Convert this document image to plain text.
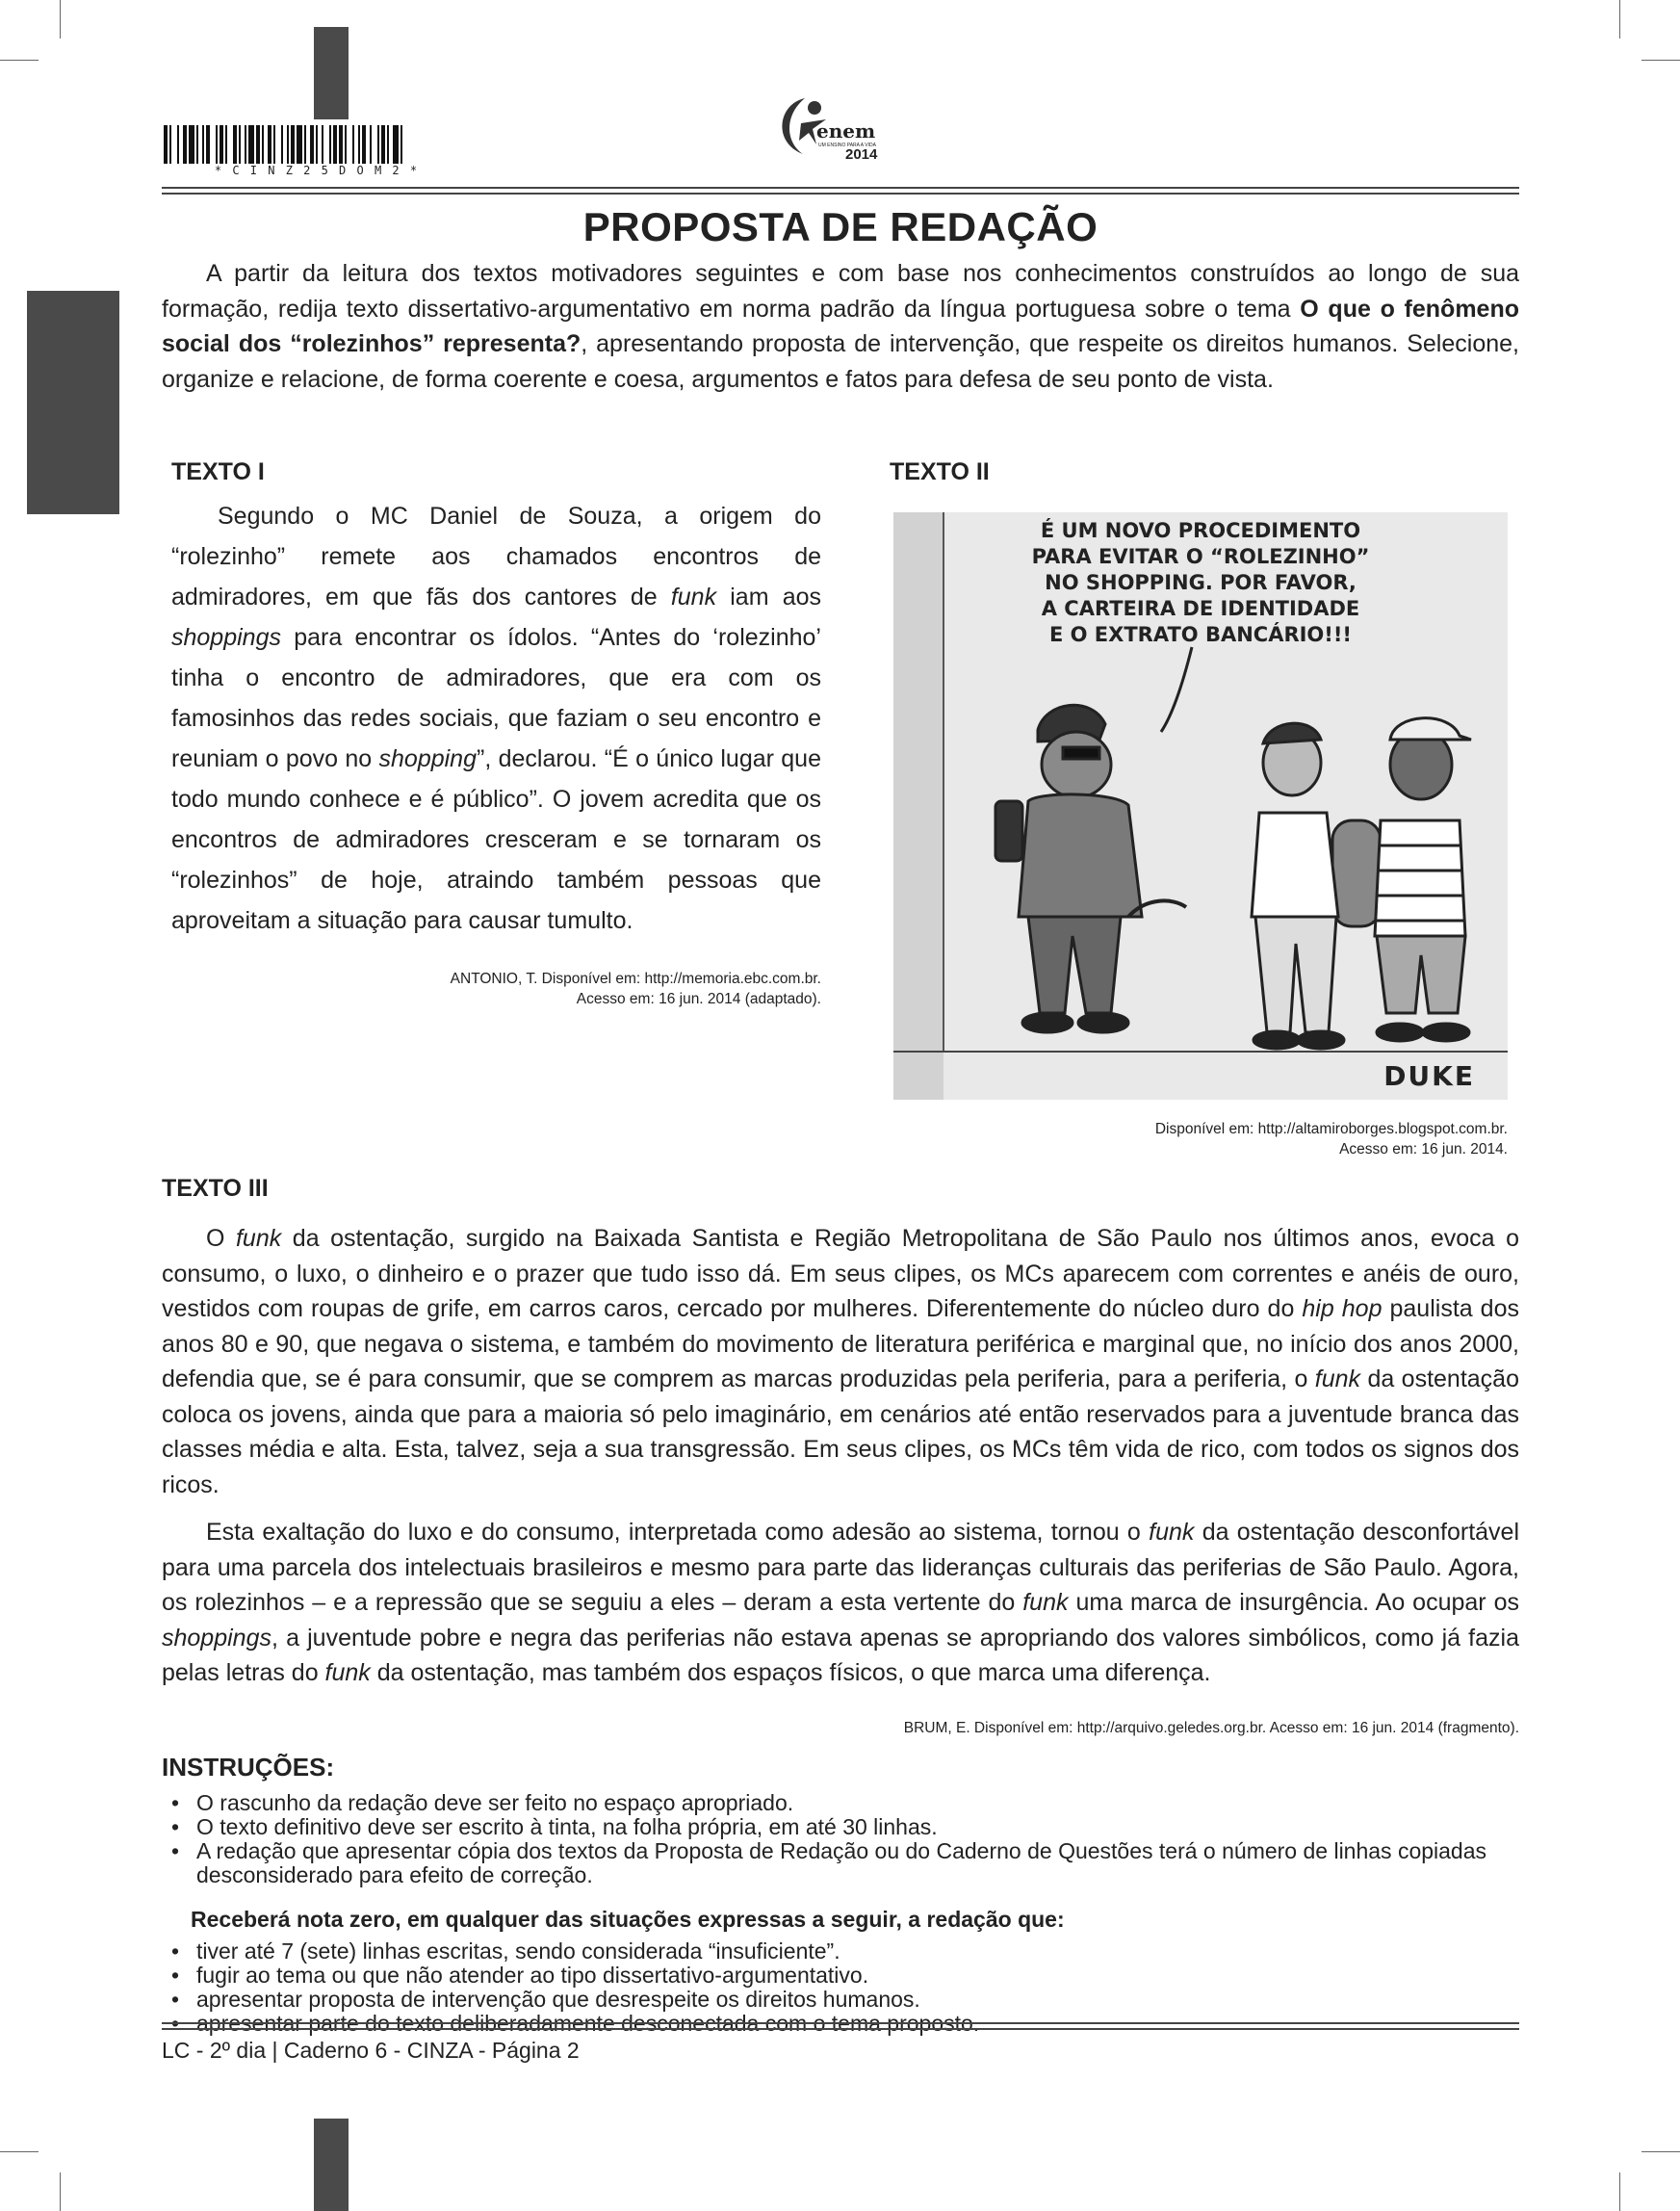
* C I N Z 2 5 D O M 2 *
enem
UM ENSINO PARA A VIDA
2014
PROPOSTA DE REDAÇÃO

A partir da leitura dos textos motivadores seguintes e com base nos conhecimentos construídos ao longo de sua formação, redija texto dissertativo-argumentativo em norma padrão da língua portuguesa sobre o tema O que o fenômeno social dos “rolezinhos” representa?, apresentando proposta de intervenção, que respeite os direitos humanos. Selecione, organize e relacione, de forma coerente e coesa, argumentos e fatos para defesa de seu ponto de vista.

TEXTO I

Segundo o MC Daniel de Souza, a origem do “rolezinho” remete aos chamados encontros de admiradores, em que fãs dos cantores de funk iam aos shoppings para encontrar os ídolos. “Antes do ‘rolezinho’ tinha o encontro de admiradores, que era com os famosinhos das redes sociais, que faziam o seu encontro e reuniam o povo no shopping”, declarou. “É o único lugar que todo mundo conhece e é público”. O jovem acredita que os encontros de admiradores cresceram e se tornaram os “rolezinhos” de hoje, atraindo também pessoas que aproveitam a situação para causar tumulto.

ANTONIO, T. Disponível em: http://memoria.ebc.com.br.
Acesso em: 16 jun. 2014 (adaptado).
TEXTO II
É UM NOVO PROCEDIMENTO
PARA EVITAR O “ROLEZINHO”
NO SHOPPING. POR FAVOR,
A CARTEIRA DE IDENTIDADE
E O EXTRATO BANCÁRIO!!!
DUKE
Disponível em: http://altamiroborges.blogspot.com.br.
Acesso em: 16 jun. 2014.
TEXTO III

O funk da ostentação, surgido na Baixada Santista e Região Metropolitana de São Paulo nos últimos anos, evoca o consumo, o luxo, o dinheiro e o prazer que tudo isso dá. Em seus clipes, os MCs aparecem com correntes e anéis de ouro, vestidos com roupas de grife, em carros caros, cercado por mulheres. Diferentemente do núcleo duro do hip hop paulista dos anos 80 e 90, que negava o sistema, e também do movimento de literatura periférica e marginal que, no início dos anos 2000, defendia que, se é para consumir, que se comprem as marcas produzidas pela periferia, para a periferia, o funk da ostentação coloca os jovens, ainda que para a maioria só pelo imaginário, em cenários até então reservados para a juventude branca das classes média e alta. Esta, talvez, seja a sua transgressão. Em seus clipes, os MCs têm vida de rico, com todos os signos dos ricos.

Esta exaltação do luxo e do consumo, interpretada como adesão ao sistema, tornou o funk da ostentação desconfortável para uma parcela dos intelectuais brasileiros e mesmo para parte das lideranças culturais das periferias de São Paulo. Agora, os rolezinhos – e a repressão que se seguiu a eles – deram a esta vertente do funk uma marca de insurgência. Ao ocupar os shoppings, a juventude pobre e negra das periferias não estava apenas se apropriando dos valores simbólicos, como já fazia pelas letras do funk da ostentação, mas também dos espaços físicos, o que marca uma diferença.

BRUM, E. Disponível em: http://arquivo.geledes.org.br. Acesso em: 16 jun. 2014 (fragmento).
INSTRUÇÕES:
• O rascunho da redação deve ser feito no espaço apropriado.
• O texto definitivo deve ser escrito à tinta, na folha própria, em até 30 linhas.
• A redação que apresentar cópia dos textos da Proposta de Redação ou do Caderno de Questões terá o número de linhas copiadas desconsiderado para efeito de correção.
Receberá nota zero, em qualquer das situações expressas a seguir, a redação que:
• tiver até 7 (sete) linhas escritas, sendo considerada “insuficiente”.
• fugir ao tema ou que não atender ao tipo dissertativo-argumentativo.
• apresentar proposta de intervenção que desrespeite os direitos humanos.
• apresentar parte do texto deliberadamente desconectada com o tema proposto.
LC - 2º dia | Caderno 6 - CINZA - Página 2
